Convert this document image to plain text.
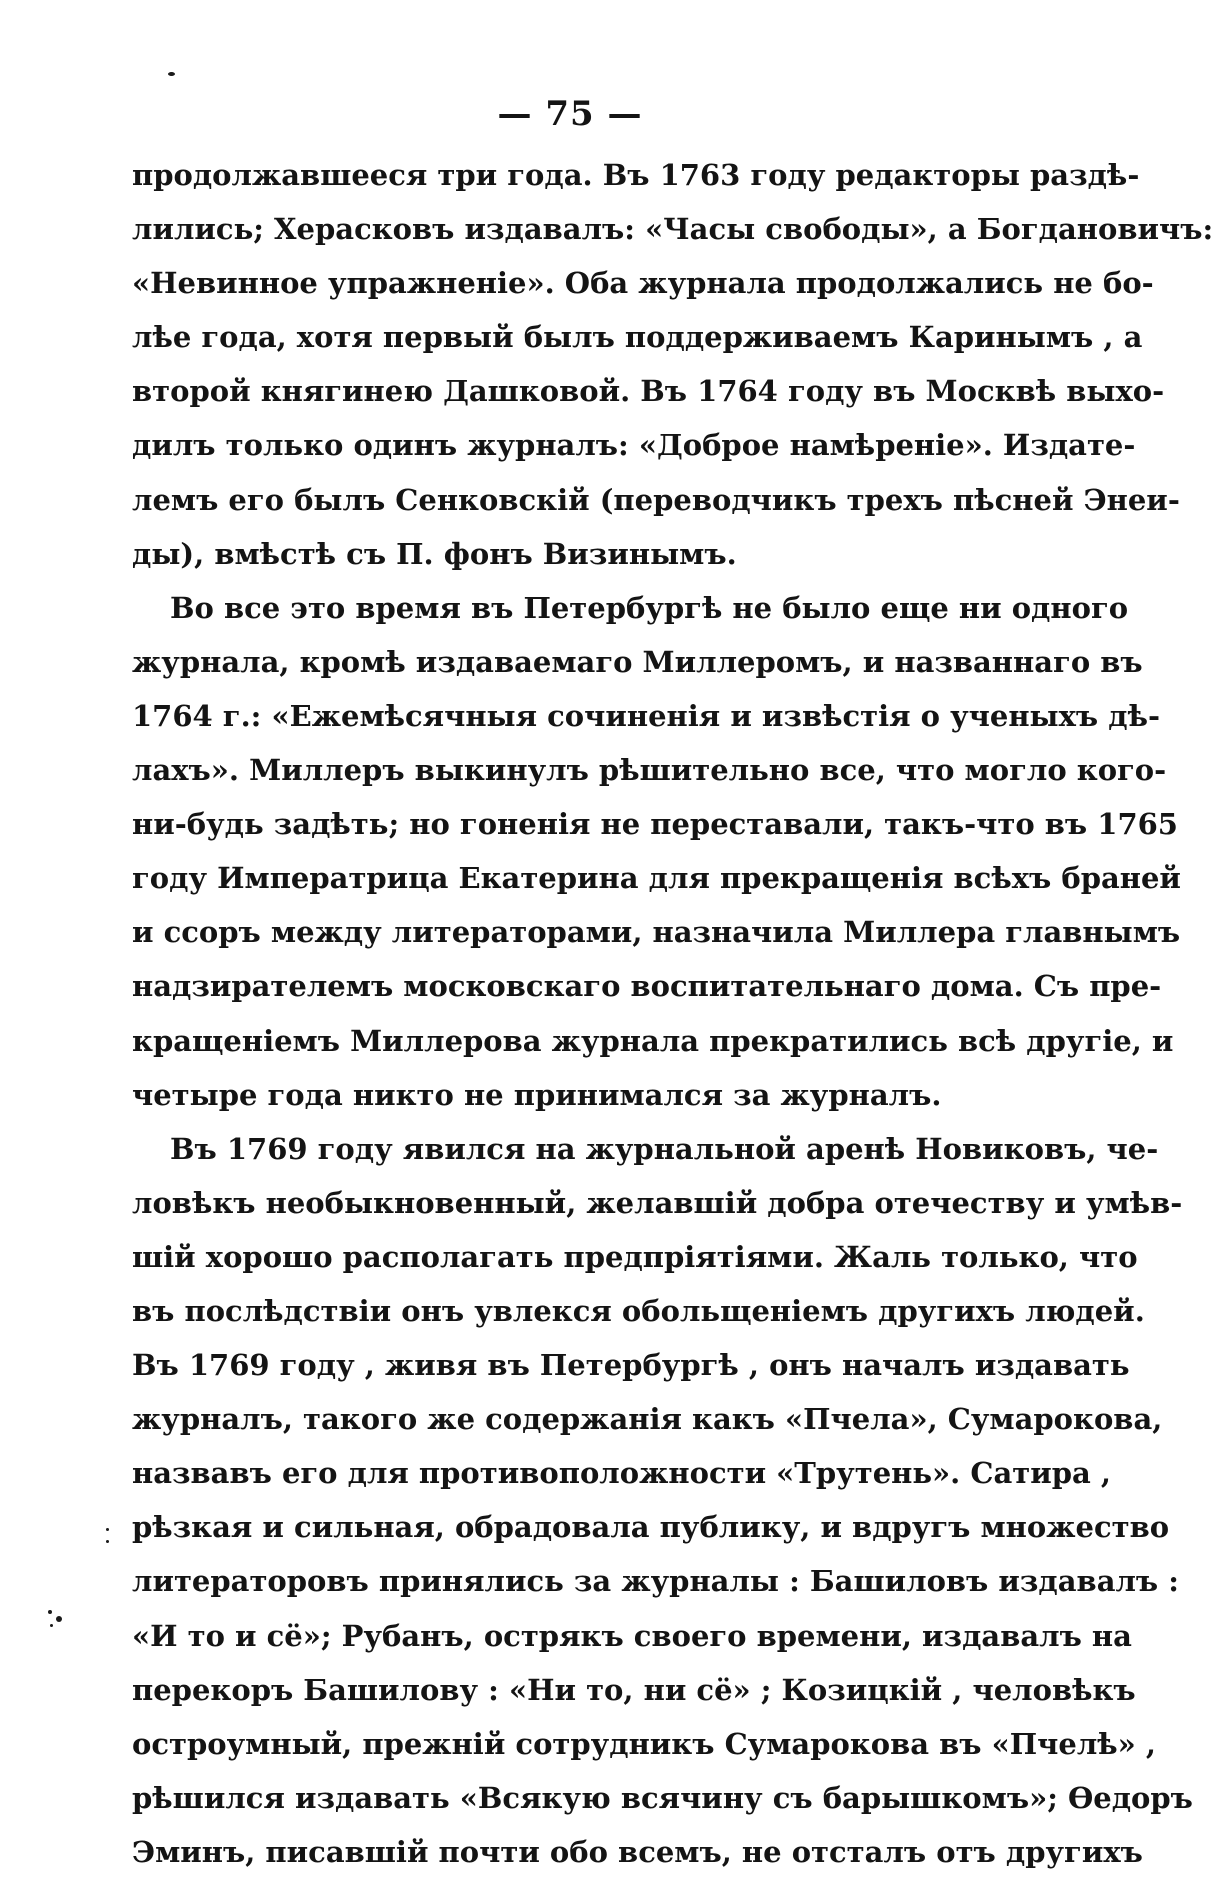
— 75 —
продолжавшееся три года. Въ 1763 году редакторы раздѣ-
лились; Херасковъ издавалъ: «Часы свободы», а Богдановичъ:
«Невинное упражненіе». Оба журнала продолжались не бо-
лѣе года, хотя первый былъ поддерживаемъ Каринымъ , а
второй княгинею Дашковой. Въ 1764 году въ Москвѣ выхо-
дилъ только одинъ журналъ: «Доброе намѣреніе». Издате-
лемъ его былъ Сенковскій (переводчикъ трехъ пѣсней Энеи-
ды), вмѣстѣ съ П. фонъ Визинымъ.
Во все это время въ Петербургѣ не было еще ни одного
журнала, кромѣ издаваемаго Миллеромъ, и названнаго въ
1764 г.: «Ежемѣсячныя сочиненія и извѣстія о ученыхъ дѣ-
лахъ». Миллеръ выкинулъ рѣшительно все, что могло кого-
ни-будь задѣть; но гоненія не переставали, такъ-что въ 1765
году Императрица Екатерина для прекращенія всѣхъ браней
и ссоръ между литераторами, назначила Миллера главнымъ
надзирателемъ московскаго воспитательнаго дома. Съ пре-
кращеніемъ Миллерова журнала прекратились всѣ другіе, и
четыре года никто не принимался за журналъ.
Въ 1769 году явился на журнальной аренѣ Новиковъ, че-
ловѣкъ необыкновенный, желавшій добра отечеству и умѣв-
шій хорошо располагать предпріятіями. Жаль только, что
въ послѣдствіи онъ увлекся обольщеніемъ другихъ людей.
Въ 1769 году , живя въ Петербургѣ , онъ началъ издавать
журналъ, такого же содержанія какъ «Пчела», Сумарокова,
назвавъ его для противоположности «Трутень». Сатира ,
рѣзкая и сильная, обрадовала публику, и вдругъ множество
литераторовъ принялись за журналы : Башиловъ издавалъ :
«И то и сё»; Рубанъ, острякъ своего времени, издавалъ на
перекоръ Башилову : «Ни то, ни сё» ; Козицкій , человѣкъ
остроумный, прежній сотрудникъ Сумарокова въ «Пчелѣ» ,
рѣшился издавать «Всякую всячину съ барышкомъ»; Ѳедоръ
Эминъ, писавшій почти обо всемъ, не отсталъ отъ другихъ
